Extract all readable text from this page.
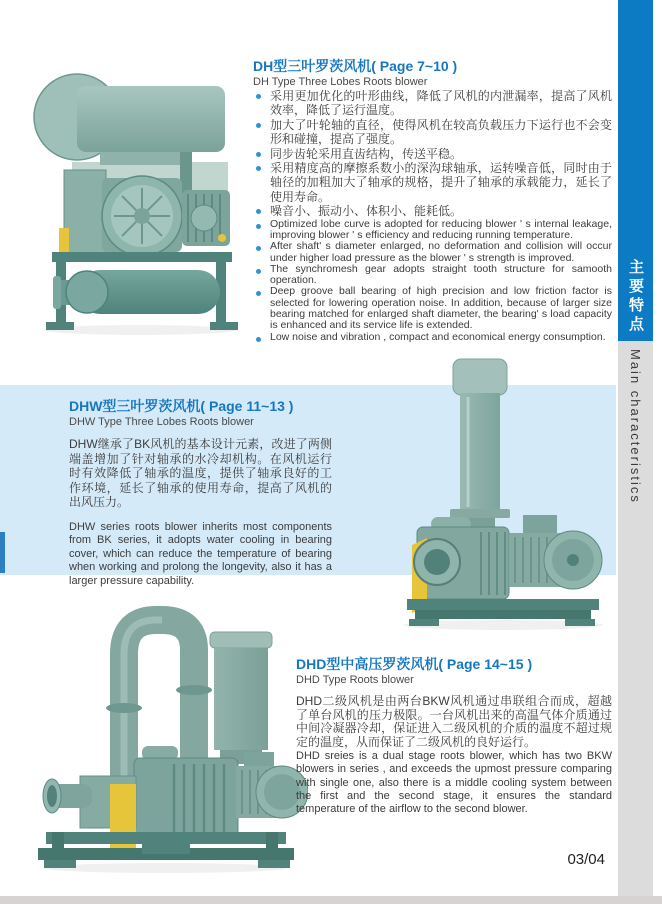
DH型三叶罗茨风机( Page 7~10 )
DH Type Three Lobes Roots blower
采用更加优化的叶形曲线，降低了风机的内泄漏率，提高了风机效率，降低了运行温度。
加大了叶轮轴的直径，使得风机在较高负载压力下运行也不会变形和碰撞，提高了强度。
同步齿轮采用直齿结构，传送平稳。
采用精度高的摩擦系数小的深沟球轴承，运转噪音低，同时由于轴径的加粗加大了轴承的规格，提升了轴承的承载能力，延长了使用寿命。
噪音小、振动小、体积小、能耗低。
Optimized lobe curve is adopted for reducing blower ' s internal leakage, improving blower ' s efficiency and reducing running temperature.
After shaft' s diameter enlarged, no deformation and collision will occur under higher load pressure as the blower ' s strength is improved.
The synchromesh gear adopts straight tooth structure for samooth operation.
Deep groove ball bearing of high precision and low friction factor is selected for lowering operation noise. In addition, because of larger size bearing matched for enlarged shaft diameter, the bearing' s load capacity is enhanced and its service life is extended.
Low noise and vibration , compact and economical energy consumption.
DHW型三叶罗茨风机( Page 11~13 )
DHW Type Three Lobes Roots blower

DHW继承了BK风机的基本设计元素，改进了两侧端盖增加了针对轴承的水冷却机构。在风机运行时有效降低了轴承的温度，提供了轴承良好的工作环境，延长了轴承的使用寿命，提高了风机的出风压力。

DHW series roots blower inherits most components from BK series, it adopts water cooling in bearing cover, which can reduce the temperature of bearing when working and prolong the longevity, also it has a larger pressure capability.

DHD型中高压罗茨风机( Page 14~15 )
DHD Type Roots blower

DHD二级风机是由两台BKW风机通过串联组合而成，超越了单台风机的压力极限。一台风机出来的高温气体介质通过中间冷凝器冷却，保证进入二级风机的介质的温度不超过规定的温度，从而保证了二级风机的良好运行。

DHD sreies is a dual stage roots blower, which has two BKW blowers in series , and exceeds the upmost pressure comparing with single one, also there is a middle cooling system between the first and the second stage, it ensures the standard temperature of the airflow to the second blower.

主要特点
Main characteristics
03/04
